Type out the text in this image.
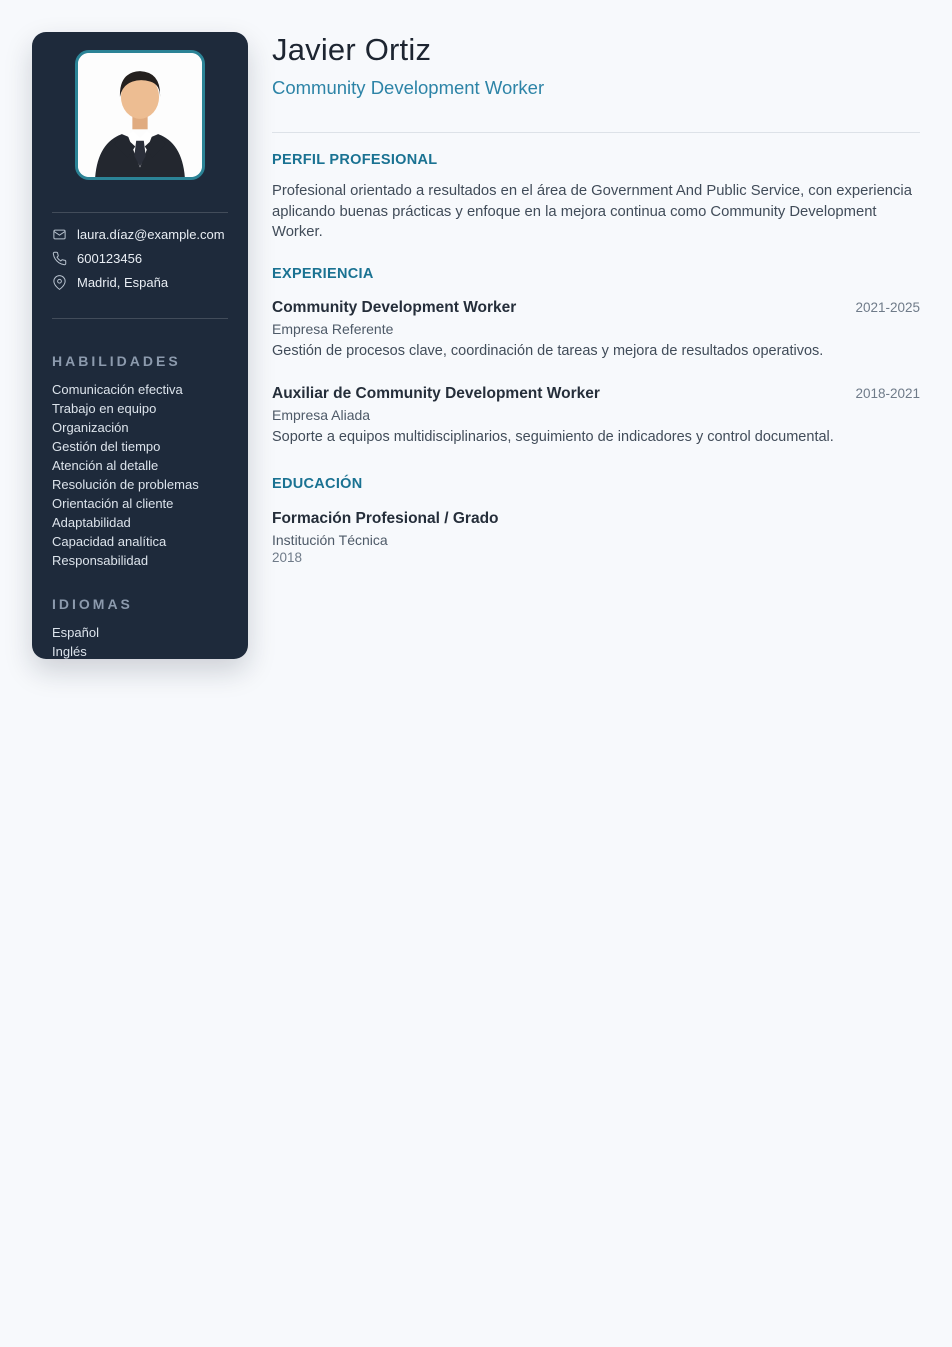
laura.díaz@example.com
600123456
Madrid, España
HABILIDADES
Comunicación efectiva
Trabajo en equipo
Organización
Gestión del tiempo
Atención al detalle
Resolución de problemas
Orientación al cliente
Adaptabilidad
Capacidad analítica
Responsabilidad
IDIOMAS
Español
Inglés
Javier Ortiz
Community Development Worker
PERFIL PROFESIONAL

Profesional orientado a resultados en el área de Government And Public Service, con experiencia aplicando buenas prácticas y enfoque en la mejora continua como Community Development Worker.

EXPERIENCIA
Community Development Worker	2021-2025
Empresa Referente
Gestión de procesos clave, coordinación de tareas y mejora de resultados operativos.
Auxiliar de Community Development Worker	2018-2021
Empresa Aliada
Soporte a equipos multidisciplinarios, seguimiento de indicadores y control documental.
EDUCACIÓN
Formación Profesional / Grado
Institución Técnica
2018
